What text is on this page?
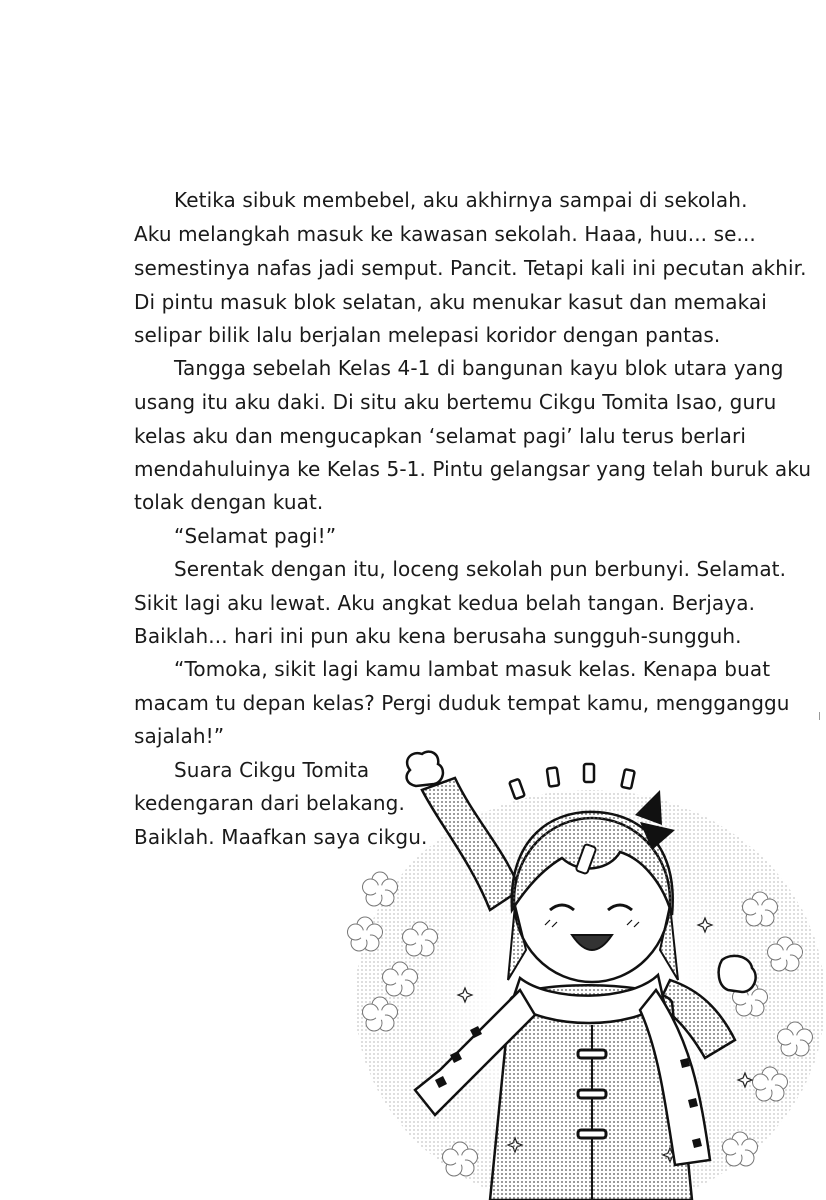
Ketika sibuk membebel, aku akhirnya sampai di sekolah.
Aku melangkah masuk ke kawasan sekolah. Haaa, huu... se...
semestinya nafas jadi semput. Pancit. Tetapi kali ini pecutan akhir.
Di pintu masuk blok selatan, aku menukar kasut dan memakai
selipar bilik lalu berjalan melepasi koridor dengan pantas.
Tangga sebelah Kelas 4-1 di bangunan kayu blok utara yang
usang itu aku daki. Di situ aku bertemu Cikgu Tomita Isao, guru
kelas aku dan mengucapkan ‘selamat pagi’ lalu terus berlari
mendahuluinya ke Kelas 5-1. Pintu gelangsar yang telah buruk aku
tolak dengan kuat.
“Selamat pagi!”
Serentak dengan itu, loceng sekolah pun berbunyi. Selamat.
Sikit lagi aku lewat. Aku angkat kedua belah tangan. Berjaya.
Baiklah... hari ini pun aku kena berusaha sungguh-sungguh.
“Tomoka, sikit lagi kamu lambat masuk kelas. Kenapa buat
macam tu depan kelas? Pergi duduk tempat kamu, mengganggu
sajalah!”
Suara Cikgu Tomita
kedengaran dari belakang.
Baiklah. Maafkan saya cikgu.
